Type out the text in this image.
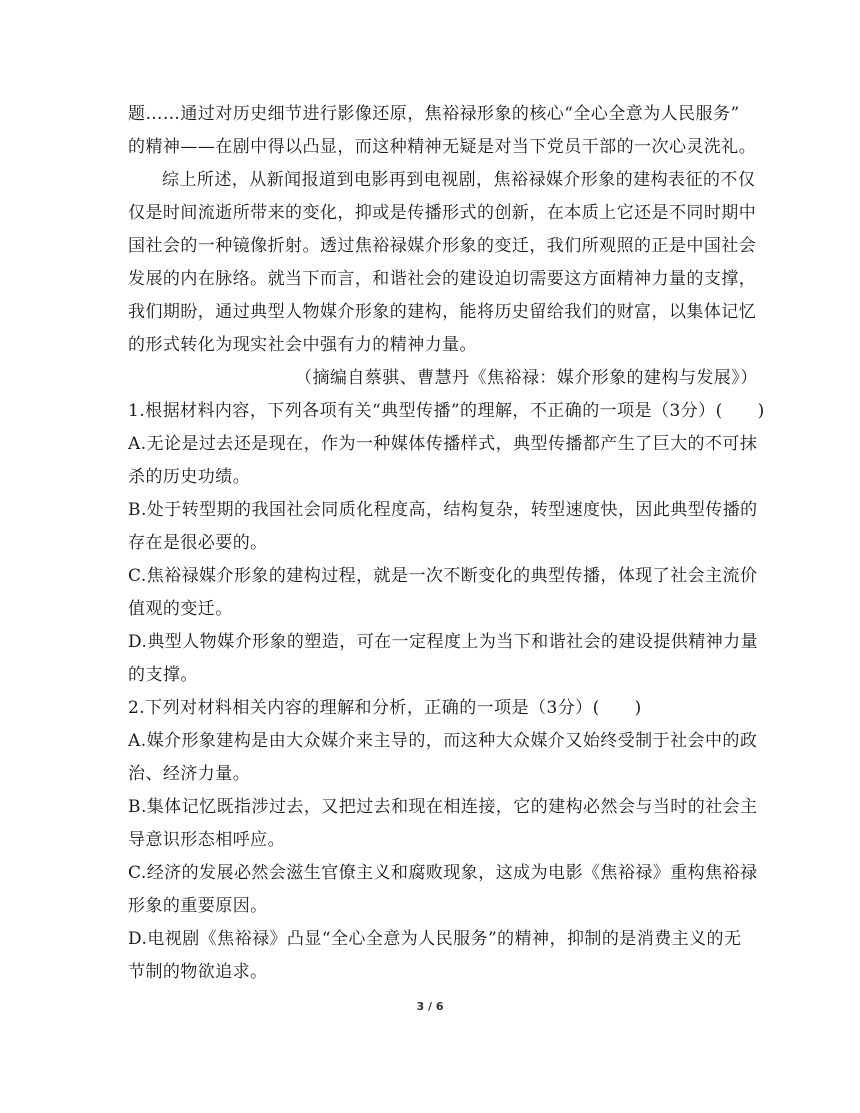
题……通过对历史细节进行影像还原，焦裕禄形象的核心“全心全意为人民服务”
的精神——在剧中得以凸显，而这种精神无疑是对当下党员干部的一次心灵洗礼。
综上所述，从新闻报道到电影再到电视剧，焦裕禄媒介形象的建构表征的不仅
仅是时间流逝所带来的变化，抑或是传播形式的创新，在本质上它还是不同时期中
国社会的一种镜像折射。透过焦裕禄媒介形象的变迁，我们所观照的正是中国社会
发展的内在脉络。就当下而言，和谐社会的建设迫切需要这方面精神力量的支撑，
我们期盼，通过典型人物媒介形象的建构，能将历史留给我们的财富，以集体记忆
的形式转化为现实社会中强有力的精神力量。
（摘编自蔡骐、曹慧丹《焦裕禄：媒介形象的建构与发展》）
1.根据材料内容，下列各项有关“典型传播”的理解，不正确的一项是（3分）(　　)
A.无论是过去还是现在，作为一种媒体传播样式，典型传播都产生了巨大的不可抹
杀的历史功绩。
B.处于转型期的我国社会同质化程度高，结构复杂，转型速度快，因此典型传播的
存在是很必要的。
C.焦裕禄媒介形象的建构过程，就是一次不断变化的典型传播，体现了社会主流价
值观的变迁。
D.典型人物媒介形象的塑造，可在一定程度上为当下和谐社会的建设提供精神力量
的支撑。
2.下列对材料相关内容的理解和分析，正确的一项是（3分）(　　)
A.媒介形象建构是由大众媒介来主导的，而这种大众媒介又始终受制于社会中的政
治、经济力量。
B.集体记忆既指涉过去，又把过去和现在相连接，它的建构必然会与当时的社会主
导意识形态相呼应。
C.经济的发展必然会滋生官僚主义和腐败现象，这成为电影《焦裕禄》重构焦裕禄
形象的重要原因。
D.电视剧《焦裕禄》凸显“全心全意为人民服务”的精神，抑制的是消费主义的无
节制的物欲追求。
3 / 6
